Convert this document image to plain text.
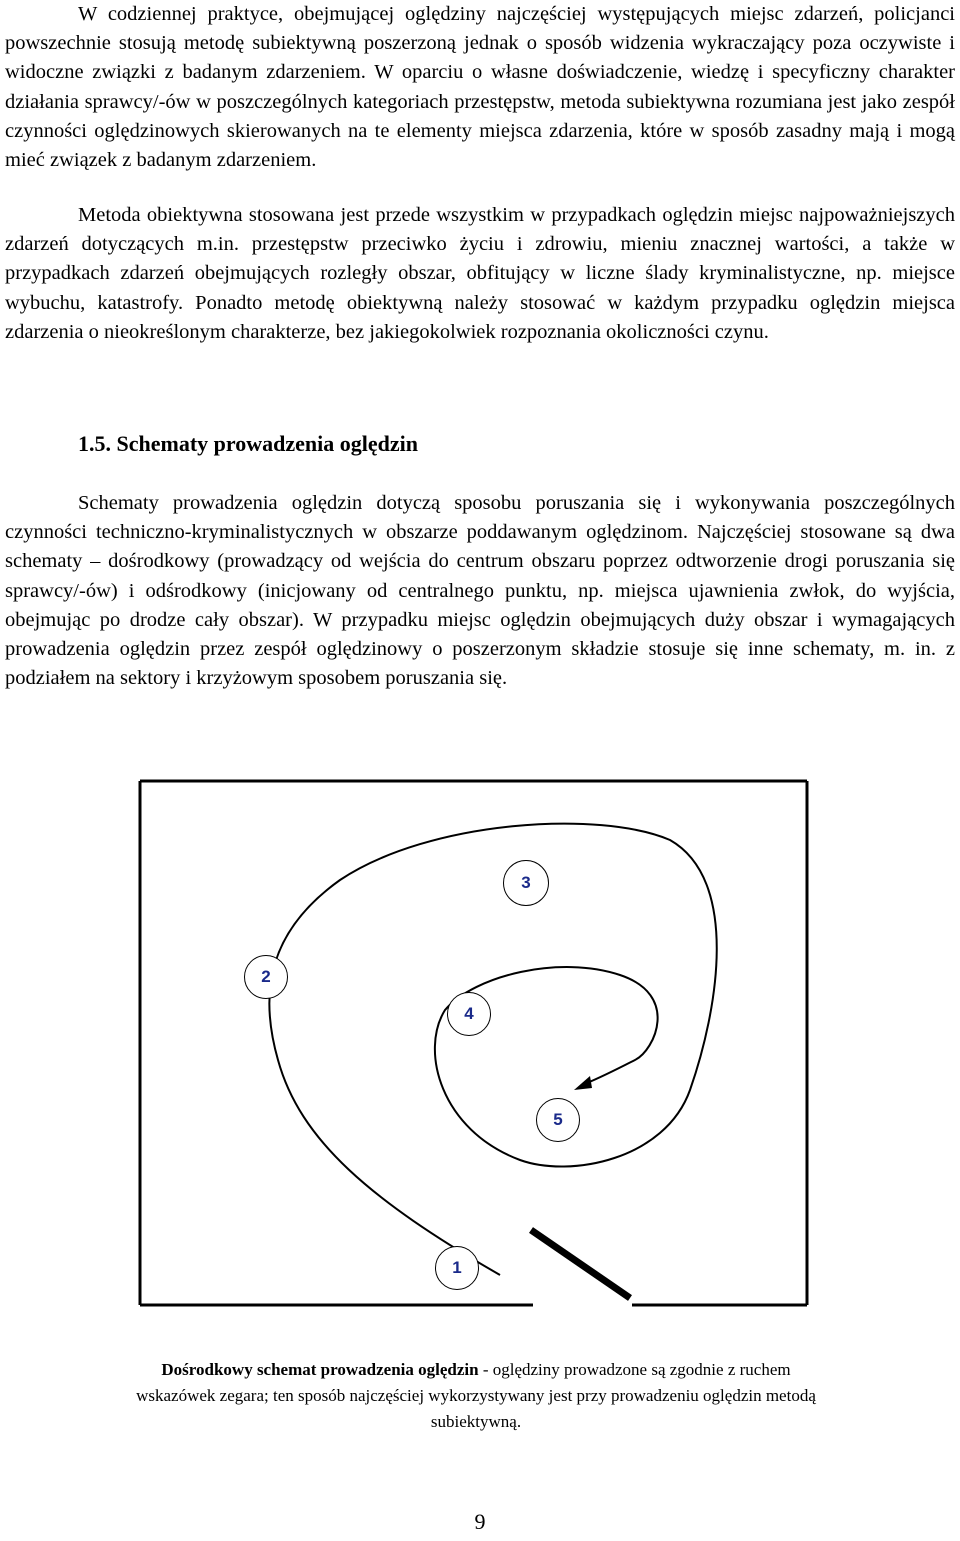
W codziennej praktyce, obejmującej oględziny najczęściej występujących miejsc zdarzeń, policjanci powszechnie stosują metodę subiektywną poszerzoną jednak o sposób widzenia wykraczający poza oczywiste i widoczne związki z badanym zdarzeniem. W oparciu o własne doświadczenie, wiedzę i specyficzny charakter działania sprawcy/-ów w poszczególnych kategoriach przestępstw, metoda subiektywna rozumiana jest jako zespół czynności oględzinowych skierowanych na te elementy miejsca zdarzenia, które w sposób zasadny mają i mogą mieć związek z badanym zdarzeniem.

Metoda obiektywna stosowana jest przede wszystkim w przypadkach oględzin miejsc najpoważniejszych zdarzeń dotyczących m.in. przestępstw przeciwko życiu i zdrowiu, mieniu znacznej wartości, a także w przypadkach zdarzeń obejmujących rozległy obszar, obfitujący w liczne ślady kryminalistyczne, np. miejsce wybuchu, katastrofy. Ponadto metodę obiektywną należy stosować w każdym przypadku oględzin miejsca zdarzenia o nieokreślonym charakterze, bez jakiegokolwiek rozpoznania okoliczności czynu.

1.5. Schematy prowadzenia oględzin

Schematy prowadzenia oględzin dotyczą sposobu poruszania się i wykonywania poszczególnych czynności techniczno-kryminalistycznych w obszarze poddawanym oględzinom. Najczęściej stosowane są dwa schematy – dośrodkowy (prowadzący od wejścia do centrum obszaru poprzez odtworzenie drogi poruszania się sprawcy/-ów) i odśrodkowy (inicjowany od centralnego punktu, np. miejsca ujawnienia zwłok, do wyjścia, obejmując po drodze cały obszar). W przypadku miejsc oględzin obejmujących duży obszar i wymagających prowadzenia oględzin przez zespół oględzinowy o poszerzonym składzie stosuje się inne schematy, m. in. z podziałem na sektory i krzyżowym sposobem poruszania się.

1
2
3
4
5
Dośrodkowy schemat prowadzenia oględzin - oględziny prowadzone są zgodnie z ruchem wskazówek zegara; ten sposób najczęściej wykorzystywany jest przy prowadzeniu oględzin metodą subiektywną.
9
